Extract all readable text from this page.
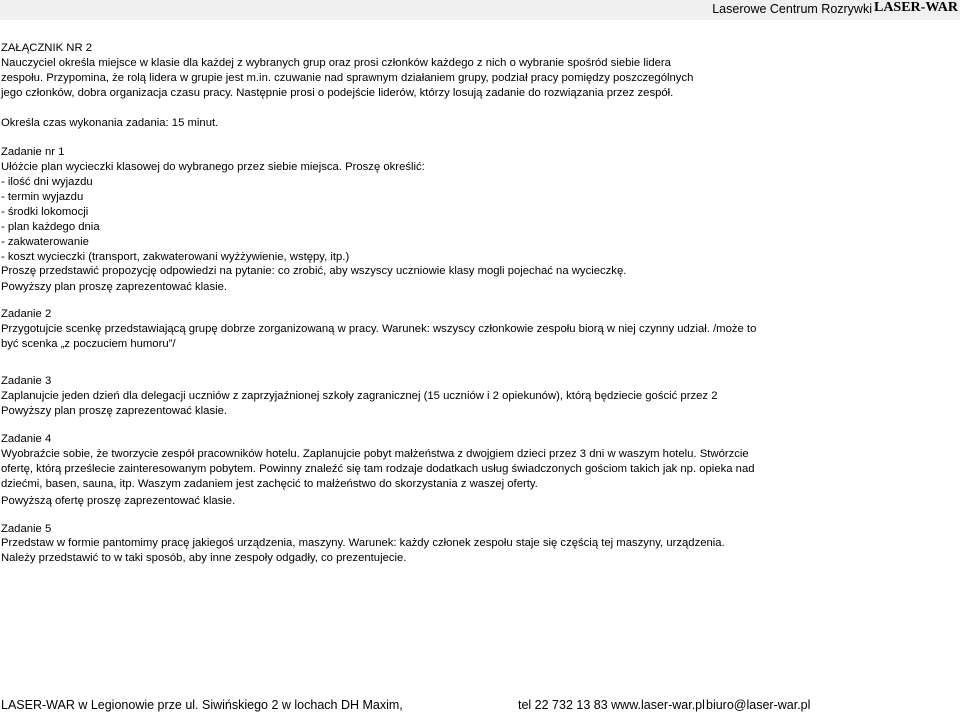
Laserowe Centrum Rozrywki LASER-WAR
ZAŁĄCZNIK NR 2
Nauczyciel określa miejsce w klasie dla każdej z wybranych grup oraz prosi członków każdego z nich o wybranie spośród siebie lidera
zespołu. Przypomina, że rolą lidera w grupie jest m.in. czuwanie nad sprawnym działaniem grupy, podział pracy pomiędzy poszczególnych
jego członków, dobra organizacja czasu pracy. Następnie prosi o podejście liderów, którzy losują zadanie do rozwiązania przez zespół.
Określa czas wykonania zadania: 15 minut.
Zadanie nr 1
Ułóżcie plan wycieczki klasowej do wybranego przez siebie miejsca. Proszę określić:
- ilość dni wyjazdu
- termin wyjazdu
- środki lokomocji
- plan każdego dnia
- zakwaterowanie
- koszt wycieczki (transport, zakwaterowani wyżżywienie, wstępy, itp.)
Proszę przedstawić propozycję odpowiedzi na pytanie: co zrobić, aby wszyscy uczniowie klasy mogli pojechać na wycieczkę.
Powyższy plan proszę zaprezentować klasie.
Zadanie 2
Przygotujcie scenkę przedstawiającą grupę dobrze zorganizowaną w pracy. Warunek: wszyscy członkowie zespołu biorą w niej czynny udział. /może to
być scenka „z poczuciem humoru”/
Zadanie 3
Zaplanujcie jeden dzień dla delegacji uczniów z zaprzyjaźnionej szkoły zagranicznej (15 uczniów i 2 opiekunów), którą będziecie gościć przez 2
Powyższy plan proszę zaprezentować klasie.
Zadanie 4
Wyobraźcie sobie, że tworzycie zespół pracowników hotelu. Zaplanujcie pobyt małżeństwa z dwojgiem dzieci przez 3 dni w waszym hotelu. Stwórzcie
ofertę, którą prześlecie zainteresowanym pobytem. Powinny znaleźć się tam rodzaje dodatkach usług świadczonych gościom takich jak np. opieka nad
dziećmi, basen, sauna, itp. Waszym zadaniem jest zachęcić to małżeństwo do skorzystania z waszej oferty.
Powyższą ofertę proszę zaprezentować klasie.
Zadanie 5
Przedstaw w formie pantomimy pracę jakiegoś urządzenia, maszyny. Warunek: każdy członek zespołu staje się częścią tej maszyny, urządzenia.
Należy przedstawić to w taki sposób, aby inne zespoły odgadły, co prezentujecie.
LASER-WAR w Legionowie prze ul. Siwińskiego 2 w lochach DH Maxim,	tel 22 732 13 83 www.laser-war.pl biuro@laser-war.pl
